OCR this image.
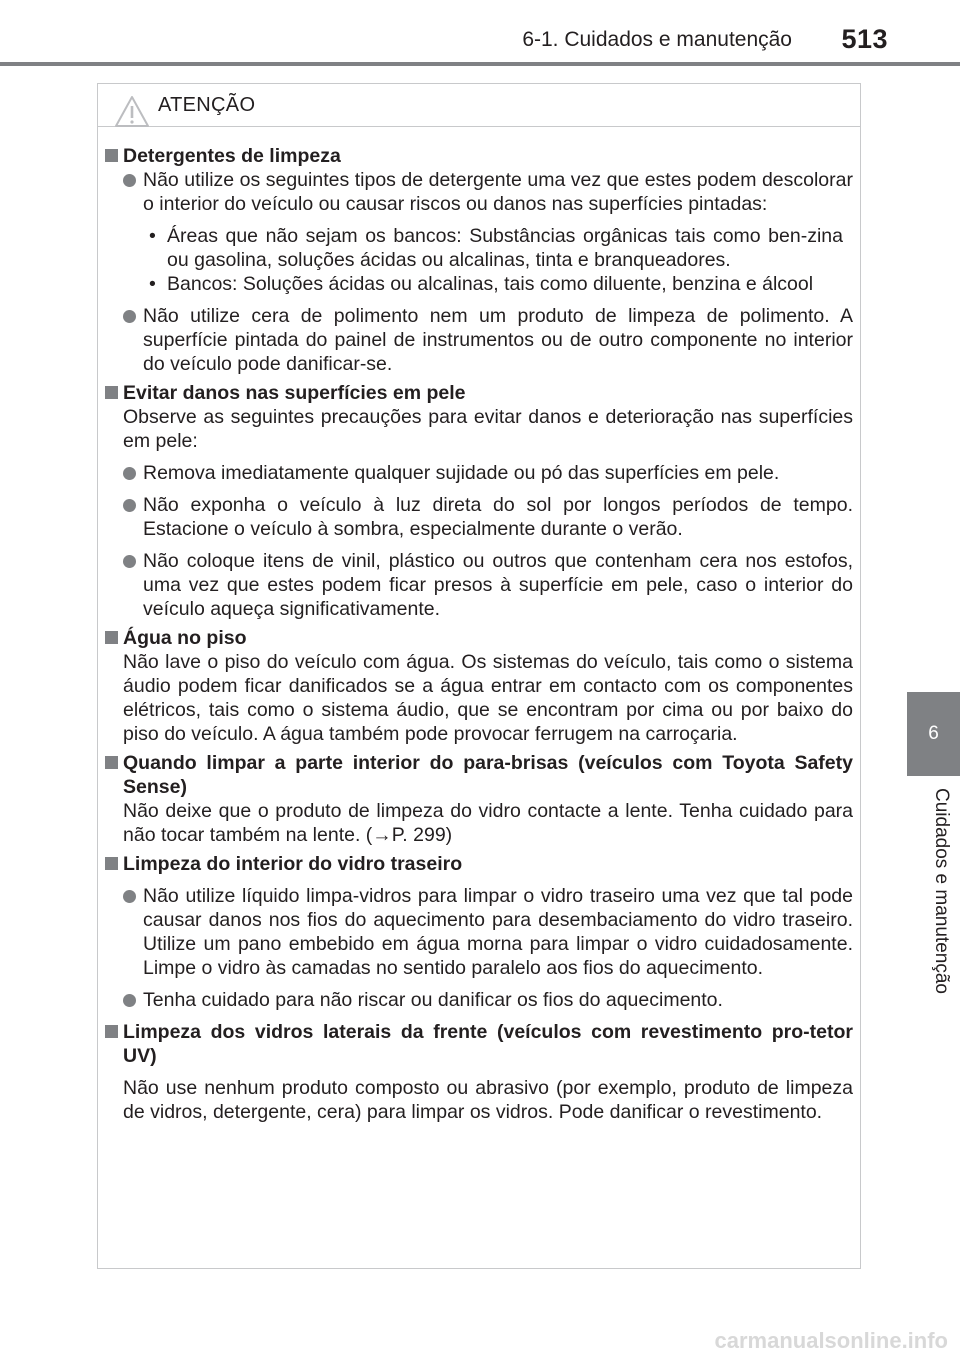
6-1. Cuidados e manutenção 513
6
Cuidados e manutenção
ATENÇÃO
Detergentes de limpeza
Não utilize os seguintes tipos de detergente uma vez que estes podem descolorar o interior do veículo ou causar riscos ou danos nas superfícies pintadas:
• Áreas que não sejam os bancos: Substâncias orgânicas tais como ben-zina ou gasolina, soluções ácidas ou alcalinas, tinta e branqueadores.
• Bancos: Soluções ácidas ou alcalinas, tais como diluente, benzina e álcool
Não utilize cera de polimento nem um produto de limpeza de polimento. A superfície pintada do painel de instrumentos ou de outro componente no interior do veículo pode danificar-se.
Evitar danos nas superfícies em pele
Observe as seguintes precauções para evitar danos e deterioração nas superfícies em pele:
Remova imediatamente qualquer sujidade ou pó das superfícies em pele.
Não exponha o veículo à luz direta do sol por longos períodos de tempo. Estacione o veículo à sombra, especialmente durante o verão.
Não coloque itens de vinil, plástico ou outros que contenham cera nos estofos, uma vez que estes podem ficar presos à superfície em pele, caso o interior do veículo aqueça significativamente.
Água no piso
Não lave o piso do veículo com água. Os sistemas do veículo, tais como o sistema áudio podem ficar danificados se a água entrar em contacto com os componentes elétricos, tais como o sistema áudio, que se encontram por cima ou por baixo do piso do veículo. A água também pode provocar ferrugem na carroçaria.
Quando limpar a parte interior do para-brisas (veículos com Toyota Safety Sense)
Não deixe que o produto de limpeza do vidro contacte a lente. Tenha cuidado para não tocar também na lente. (→P. 299)
Limpeza do interior do vidro traseiro
Não utilize líquido limpa-vidros para limpar o vidro traseiro uma vez que tal pode causar danos nos fios do aquecimento para desembaciamento do vidro traseiro. Utilize um pano embebido em água morna para limpar o vidro cuidadosamente. Limpe o vidro às camadas no sentido paralelo aos fios do aquecimento.
Tenha cuidado para não riscar ou danificar os fios do aquecimento.
Limpeza dos vidros laterais da frente (veículos com revestimento pro-tetor UV)
Não use nenhum produto composto ou abrasivo (por exemplo, produto de limpeza de vidros, detergente, cera) para limpar os vidros. Pode danificar o revestimento.
carmanualsonline.info
